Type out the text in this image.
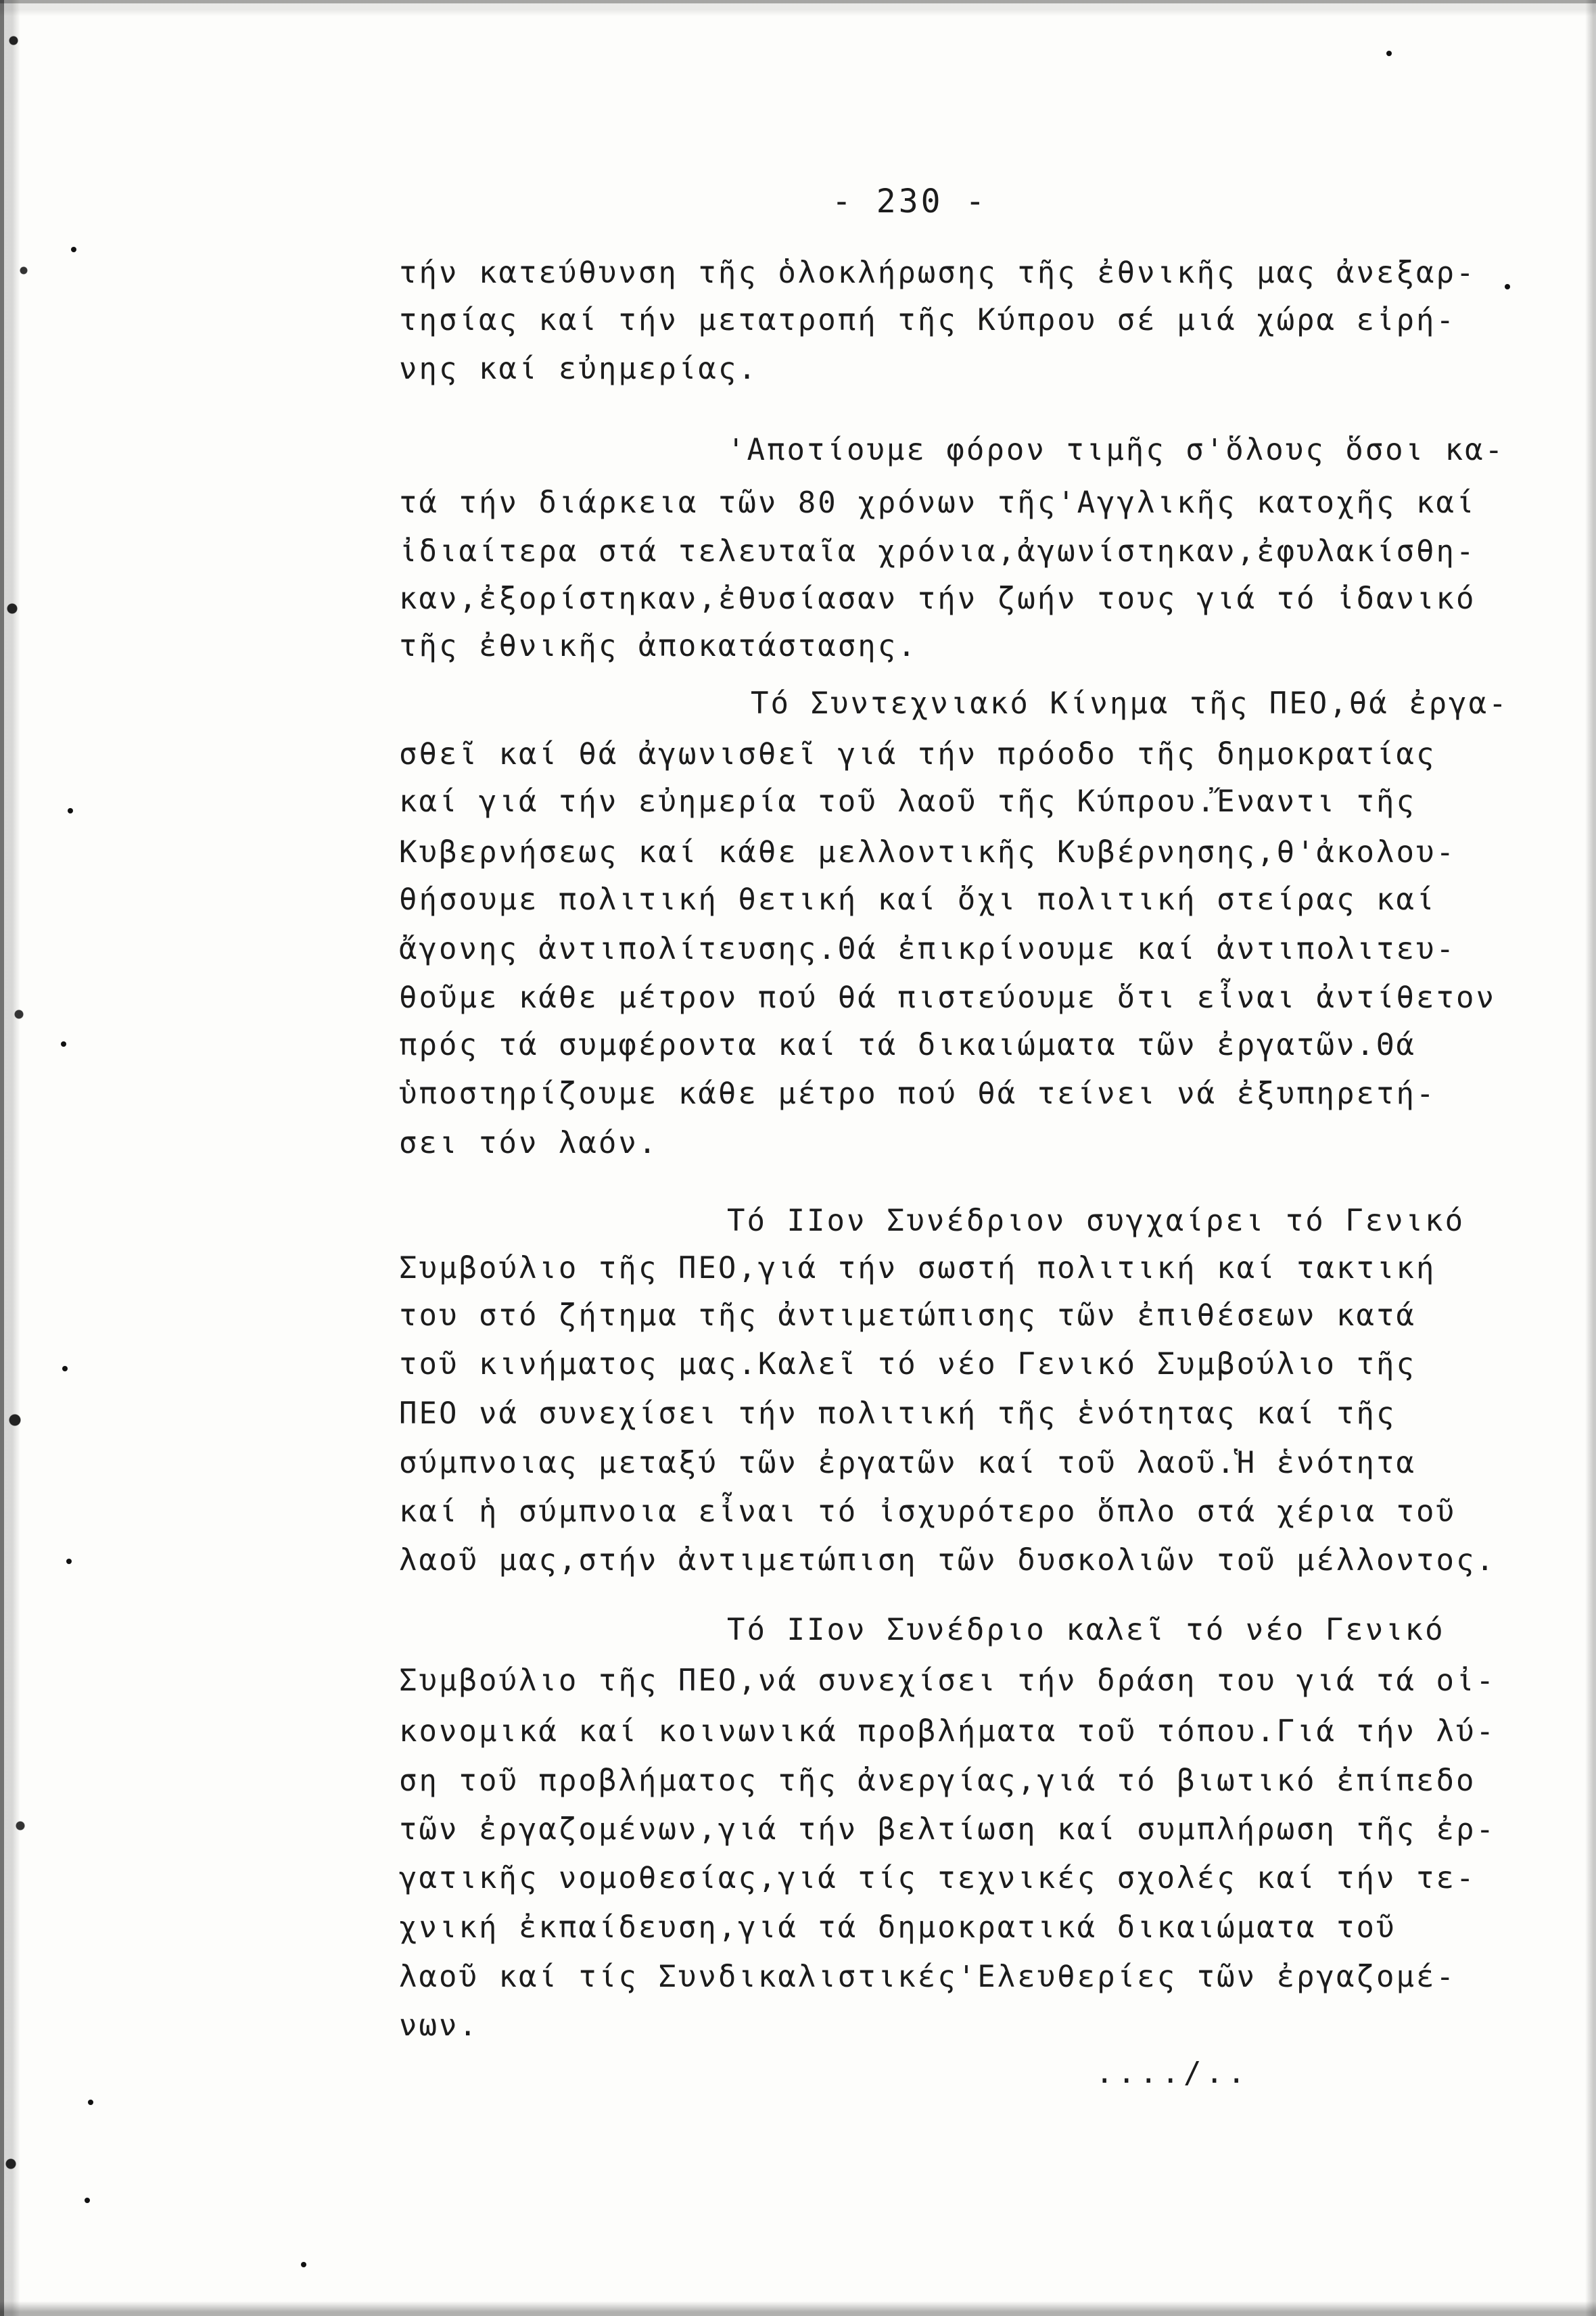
- 230 -
τήν κατεύθυνση τῆς ὁλοκλήρωσης τῆς ἐθνικῆς μας ἀνεξαρ-
τησίας καί τήν μετατροπή τῆς Κύπρου σέ μιά χώρα εἰρή-
νης καί εὐημερίας.
'Αποτίουμε φόρον τιμῆς σ'ὅλους ὅσοι κα-
τά τήν διάρκεια τῶν 80 χρόνων τῆς'Αγγλικῆς κατοχῆς καί
ἰδιαίτερα στά τελευταῖα χρόνια,ἀγωνίστηκαν,ἐφυλακίσθη-
καν,ἐξορίστηκαν,ἐθυσίασαν τήν ζωήν τους γιά τό ἰδανικό
τῆς ἐθνικῆς ἀποκατάστασης.
Τό Συντεχνιακό Κίνημα τῆς ΠΕΟ,θά ἐργα-
σθεῖ καί θά ἀγωνισθεῖ γιά τήν πρόοδο τῆς δημοκρατίας
καί γιά τήν εὐημερία τοῦ λαοῦ τῆς Κύπρου.Ἔναντι τῆς
Κυβερνήσεως καί κάθε μελλοντικῆς Κυβέρνησης,θ'ἀκολου-
θήσουμε πολιτική θετική καί ὄχι πολιτική στείρας καί
ἄγονης ἀντιπολίτευσης.Θά ἐπικρίνουμε καί ἀντιπολιτευ-
θοῦμε κάθε μέτρον πού θά πιστεύουμε ὅτι εἶναι ἀντίθετον
πρός τά συμφέροντα καί τά δικαιώματα τῶν ἐργατῶν.Θά
ὑποστηρίζουμε κάθε μέτρο πού θά τείνει νά ἐξυπηρετή-
σει τόν λαόν.
Τό ΙΙον Συνέδριον συγχαίρει τό Γενικό
Συμβούλιο τῆς ΠΕΟ,γιά τήν σωστή πολιτική καί τακτική
του στό ζήτημα τῆς ἀντιμετώπισης τῶν ἐπιθέσεων κατά
τοῦ κινήματος μας.Καλεῖ τό νέο Γενικό Συμβούλιο τῆς
ΠΕΟ νά συνεχίσει τήν πολιτική τῆς ἑνότητας καί τῆς
σύμπνοιας μεταξύ τῶν ἐργατῶν καί τοῦ λαοῦ.Ἡ ἑνότητα
καί ἡ σύμπνοια εἶναι τό ἰσχυρότερο ὅπλο στά χέρια τοῦ
λαοῦ μας,στήν ἀντιμετώπιση τῶν δυσκολιῶν τοῦ μέλλοντος.
Τό ΙΙον Συνέδριο καλεῖ τό νέο Γενικό
Συμβούλιο τῆς ΠΕΟ,νά συνεχίσει τήν δράση του γιά τά οἰ-
κονομικά καί κοινωνικά προβλήματα τοῦ τόπου.Γιά τήν λύ-
ση τοῦ προβλήματος τῆς ἀνεργίας,γιά τό βιωτικό ἐπίπεδο
τῶν ἐργαζομένων,γιά τήν βελτίωση καί συμπλήρωση τῆς ἐρ-
γατικῆς νομοθεσίας,γιά τίς τεχνικές σχολές καί τήν τε-
χνική ἐκπαίδευση,γιά τά δημοκρατικά δικαιώματα τοῦ
λαοῦ καί τίς Συνδικαλιστικές'Ελευθερίες τῶν ἐργαζομέ-
νων.
..../..
